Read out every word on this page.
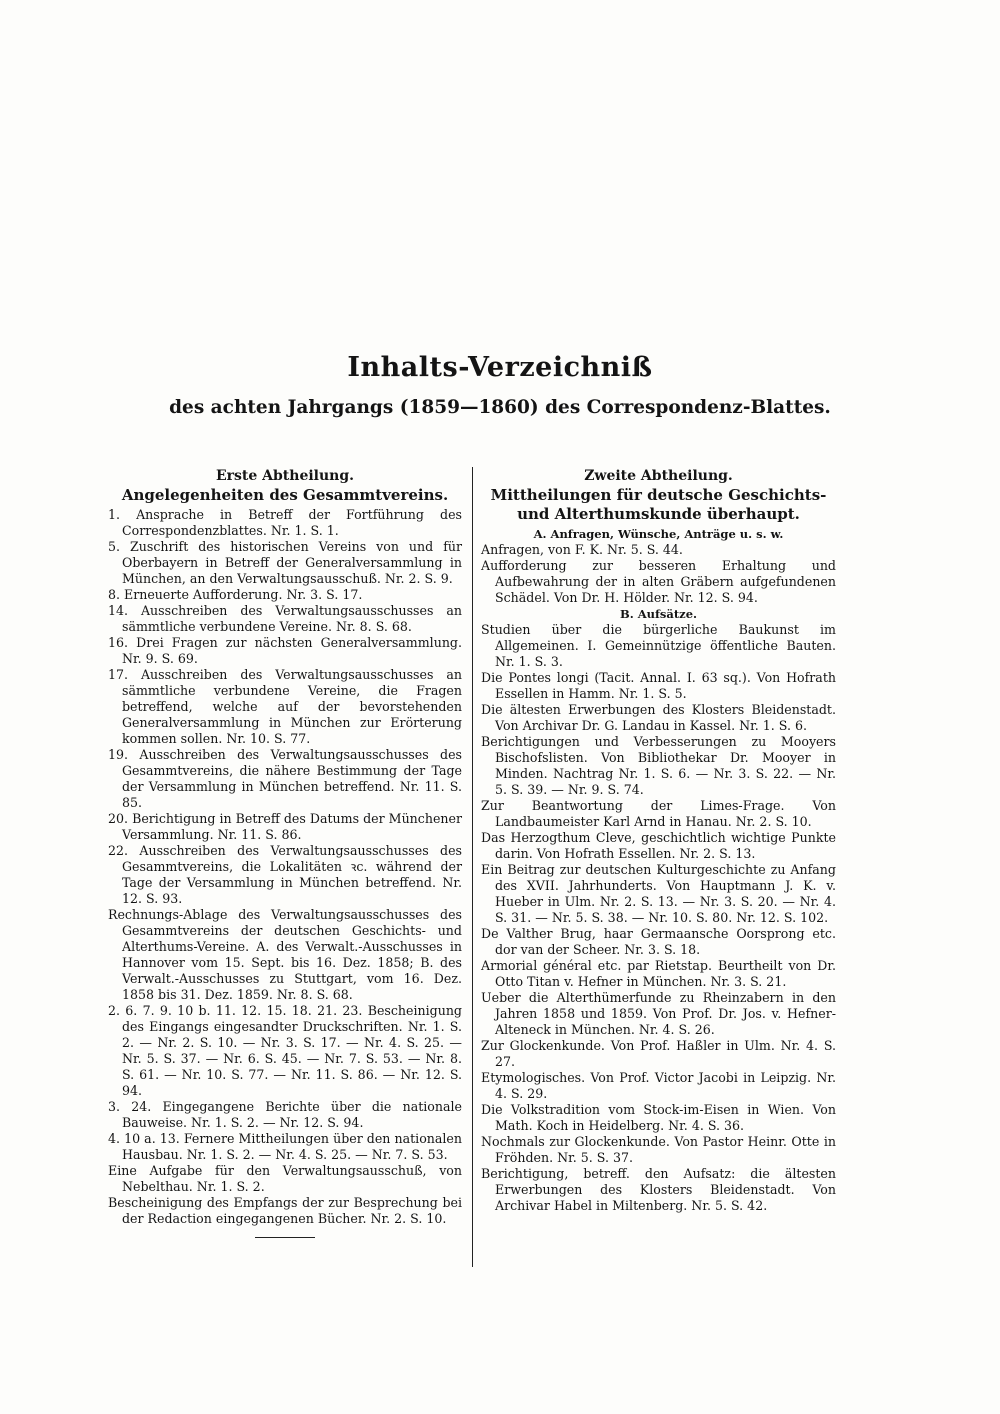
Inhalts-Verzeichniß
des achten Jahrgangs (1859—1860) des Correspondenz-Blattes.
Erste Abtheilung.
Angelegenheiten des Gesammtvereins.

1. Ansprache in Betreff der Fortführung des Correspondenzblattes. Nr. 1. S. 1.

5. Zuschrift des historischen Vereins von und für Oberbayern in Betreff der Generalversammlung in München, an den Verwaltungsausschuß. Nr. 2. S. 9.

8. Erneuerte Aufforderung. Nr. 3. S. 17.

14. Ausschreiben des Verwaltungsausschusses an sämmtliche verbundene Vereine. Nr. 8. S. 68.

16. Drei Fragen zur nächsten Generalversammlung. Nr. 9. S. 69.

17. Ausschreiben des Verwaltungsausschusses an sämmtliche verbundene Vereine, die Fragen betreffend, welche auf der bevorstehenden Generalversammlung in München zur Erörterung kommen sollen. Nr. 10. S. 77.

19. Ausschreiben des Verwaltungsausschusses des Gesammtvereins, die nähere Bestimmung der Tage der Versammlung in München betreffend. Nr. 11. S. 85.

20. Berichtigung in Betreff des Datums der Münchener Versammlung. Nr. 11. S. 86.

22. Ausschreiben des Verwaltungsausschusses des Gesammtvereins, die Lokalitäten ꝛc. während der Tage der Versammlung in München betreffend. Nr. 12. S. 93.

Rechnungs-Ablage des Verwaltungsausschusses des Gesammtvereins der deutschen Geschichts- und Alterthums-Vereine. A. des Verwalt.-Ausschusses in Hannover vom 15. Sept. bis 16. Dez. 1858; B. des Verwalt.-Ausschusses zu Stuttgart, vom 16. Dez. 1858 bis 31. Dez. 1859. Nr. 8. S. 68.

2. 6. 7. 9. 10 b. 11. 12. 15. 18. 21. 23. Bescheinigung des Eingangs eingesandter Druckschriften. Nr. 1. S. 2. — Nr. 2. S. 10. — Nr. 3. S. 17. — Nr. 4. S. 25. — Nr. 5. S. 37. — Nr. 6. S. 45. — Nr. 7. S. 53. — Nr. 8. S. 61. — Nr. 10. S. 77. — Nr. 11. S. 86. — Nr. 12. S. 94.

3. 24. Eingegangene Berichte über die nationale Bauweise. Nr. 1. S. 2. — Nr. 12. S. 94.

4. 10 a. 13. Fernere Mittheilungen über den nationalen Hausbau. Nr. 1. S. 2. — Nr. 4. S. 25. — Nr. 7. S. 53.

Eine Aufgabe für den Verwaltungsausschuß, von Nebelthau. Nr. 1. S. 2.

Bescheinigung des Empfangs der zur Besprechung bei der Redaction eingegangenen Bücher. Nr. 2. S. 10.

Zweite Abtheilung.
Mittheilungen für deutsche Geschichts- und Alterthumskunde überhaupt.
A. Anfragen, Wünsche, Anträge u. s. w.

Anfragen, von F. K. Nr. 5. S. 44.

Aufforderung zur besseren Erhaltung und Aufbewahrung der in alten Gräbern aufgefundenen Schädel. Von Dr. H. Hölder. Nr. 12. S. 94.

B. Aufsätze.

Studien über die bürgerliche Baukunst im Allgemeinen. I. Gemeinnützige öffentliche Bauten. Nr. 1. S. 3.

Die Pontes longi (Tacit. Annal. I. 63 sq.). Von Hofrath Essellen in Hamm. Nr. 1. S. 5.

Die ältesten Erwerbungen des Klosters Bleidenstadt. Von Archivar Dr. G. Landau in Kassel. Nr. 1. S. 6.

Berichtigungen und Verbesserungen zu Mooyers Bischofslisten. Von Bibliothekar Dr. Mooyer in Minden. Nachtrag Nr. 1. S. 6. — Nr. 3. S. 22. — Nr. 5. S. 39. — Nr. 9. S. 74.

Zur Beantwortung der Limes-Frage. Von Landbaumeister Karl Arnd in Hanau. Nr. 2. S. 10.

Das Herzogthum Cleve, geschichtlich wichtige Punkte darin. Von Hofrath Essellen. Nr. 2. S. 13.

Ein Beitrag zur deutschen Kulturgeschichte zu Anfang des XVII. Jahrhunderts. Von Hauptmann J. K. v. Hueber in Ulm. Nr. 2. S. 13. — Nr. 3. S. 20. — Nr. 4. S. 31. — Nr. 5. S. 38. — Nr. 10. S. 80. Nr. 12. S. 102.

De Valther Brug, haar Germaansche Oorsprong etc. dor van der Scheer. Nr. 3. S. 18.

Armorial général etc. par Rietstap. Beurtheilt von Dr. Otto Titan v. Hefner in München. Nr. 3. S. 21.

Ueber die Alterthümerfunde zu Rheinzabern in den Jahren 1858 und 1859. Von Prof. Dr. Jos. v. Hefner-Alteneck in München. Nr. 4. S. 26.

Zur Glockenkunde. Von Prof. Haßler in Ulm. Nr. 4. S. 27.

Etymologisches. Von Prof. Victor Jacobi in Leipzig. Nr. 4. S. 29.

Die Volkstradition vom Stock-im-Eisen in Wien. Von Math. Koch in Heidelberg. Nr. 4. S. 36.

Nochmals zur Glockenkunde. Von Pastor Heinr. Otte in Fröhden. Nr. 5. S. 37.

Berichtigung, betreff. den Aufsatz: die ältesten Erwerbungen des Klosters Bleidenstadt. Von Archivar Habel in Miltenberg. Nr. 5. S. 42.
